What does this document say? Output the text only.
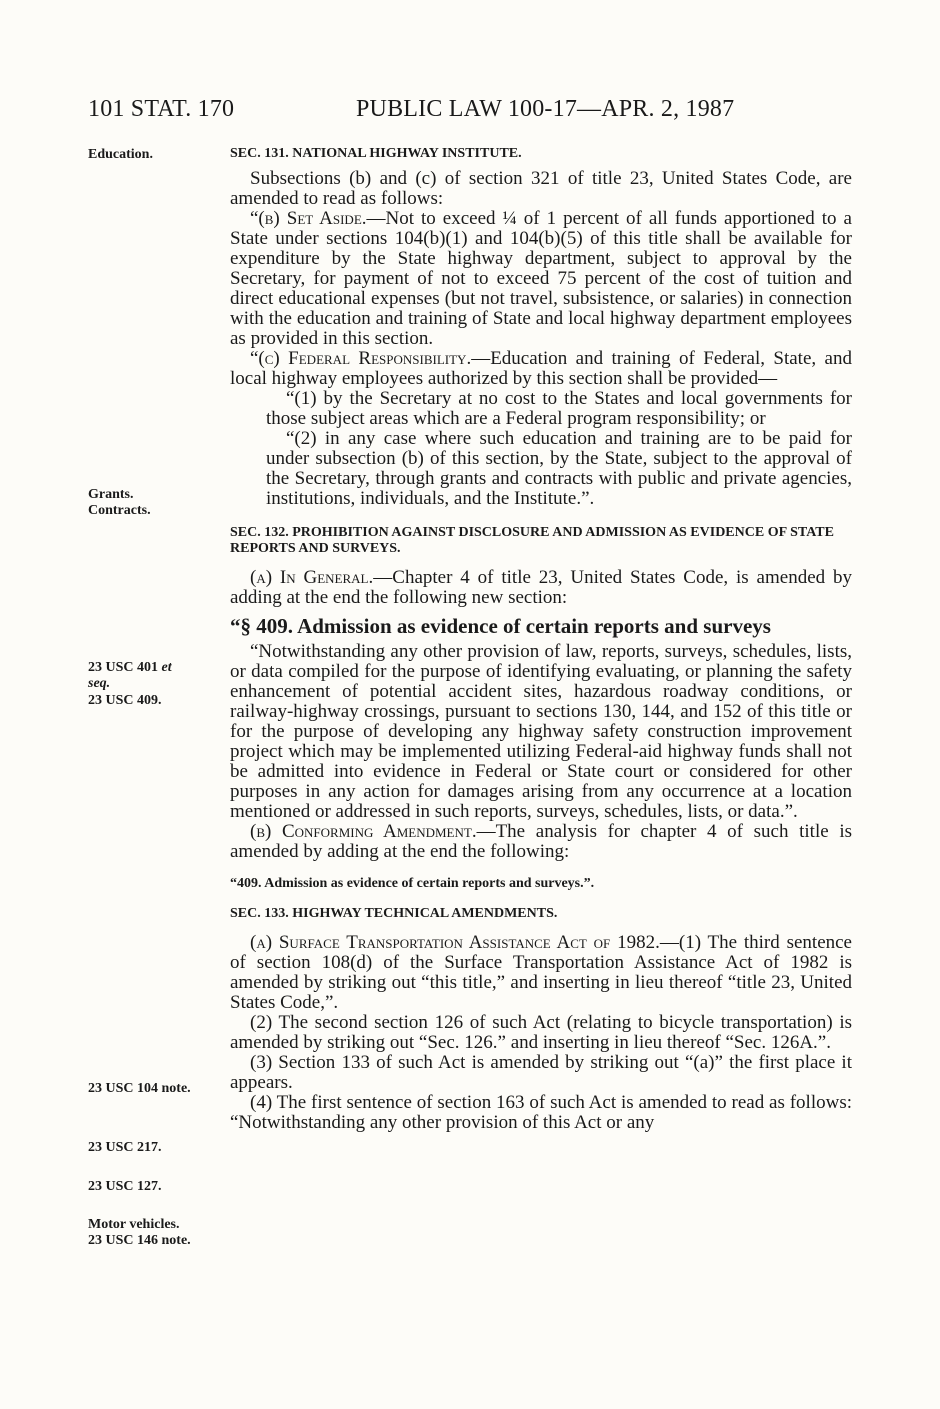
101 STAT. 170	PUBLIC LAW 100-17—APR. 2, 1987
Education.
Grants.
Contracts.
23 USC 401 et
seq.
23 USC 409.
23 USC 104 note.
23 USC 217.
23 USC 127.
Motor vehicles.
23 USC 146 note.

SEC. 131. NATIONAL HIGHWAY INSTITUTE.

Subsections (b) and (c) of section 321 of title 23, United States Code, are amended to read as follows:

“(b) Set Aside.—Not to exceed ¼ of 1 percent of all funds apportioned to a State under sections 104(b)(1) and 104(b)(5) of this title shall be available for expenditure by the State highway department, subject to approval by the Secretary, for payment of not to exceed 75 percent of the cost of tuition and direct educational expenses (but not travel, subsistence, or salaries) in connection with the education and training of State and local highway department employees as provided in this section.

“(c) Federal Responsibility.—Education and training of Federal, State, and local highway employees authorized by this section shall be provided—

“(1) by the Secretary at no cost to the States and local governments for those subject areas which are a Federal program responsibility; or

“(2) in any case where such education and training are to be paid for under subsection (b) of this section, by the State, subject to the approval of the Secretary, through grants and contracts with public and private agencies, institutions, individuals, and the Institute.”.

SEC. 132. PROHIBITION AGAINST DISCLOSURE AND ADMISSION AS EVIDENCE OF STATE REPORTS AND SURVEYS.

(a) In General.—Chapter 4 of title 23, United States Code, is amended by adding at the end the following new section:

“§ 409. Admission as evidence of certain reports and surveys

“Notwithstanding any other provision of law, reports, surveys, schedules, lists, or data compiled for the purpose of identifying evaluating, or planning the safety enhancement of potential accident sites, hazardous roadway conditions, or railway-highway crossings, pursuant to sections 130, 144, and 152 of this title or for the purpose of developing any highway safety construction improvement project which may be implemented utilizing Federal-aid highway funds shall not be admitted into evidence in Federal or State court or considered for other purposes in any action for damages arising from any occurrence at a location mentioned or addressed in such reports, surveys, schedules, lists, or data.”.

(b) Conforming Amendment.—The analysis for chapter 4 of such title is amended by adding at the end the following:

“409. Admission as evidence of certain reports and surveys.”.

SEC. 133. HIGHWAY TECHNICAL AMENDMENTS.

(a) Surface Transportation Assistance Act of 1982.—(1) The third sentence of section 108(d) of the Surface Transportation Assistance Act of 1982 is amended by striking out “this title,” and inserting in lieu thereof “title 23, United States Code,”.

(2) The second section 126 of such Act (relating to bicycle transportation) is amended by striking out “Sec. 126.” and inserting in lieu thereof “Sec. 126A.”.

(3) Section 133 of such Act is amended by striking out “(a)” the first place it appears.

(4) The first sentence of section 163 of such Act is amended to read as follows: “Notwithstanding any other provision of this Act or any
